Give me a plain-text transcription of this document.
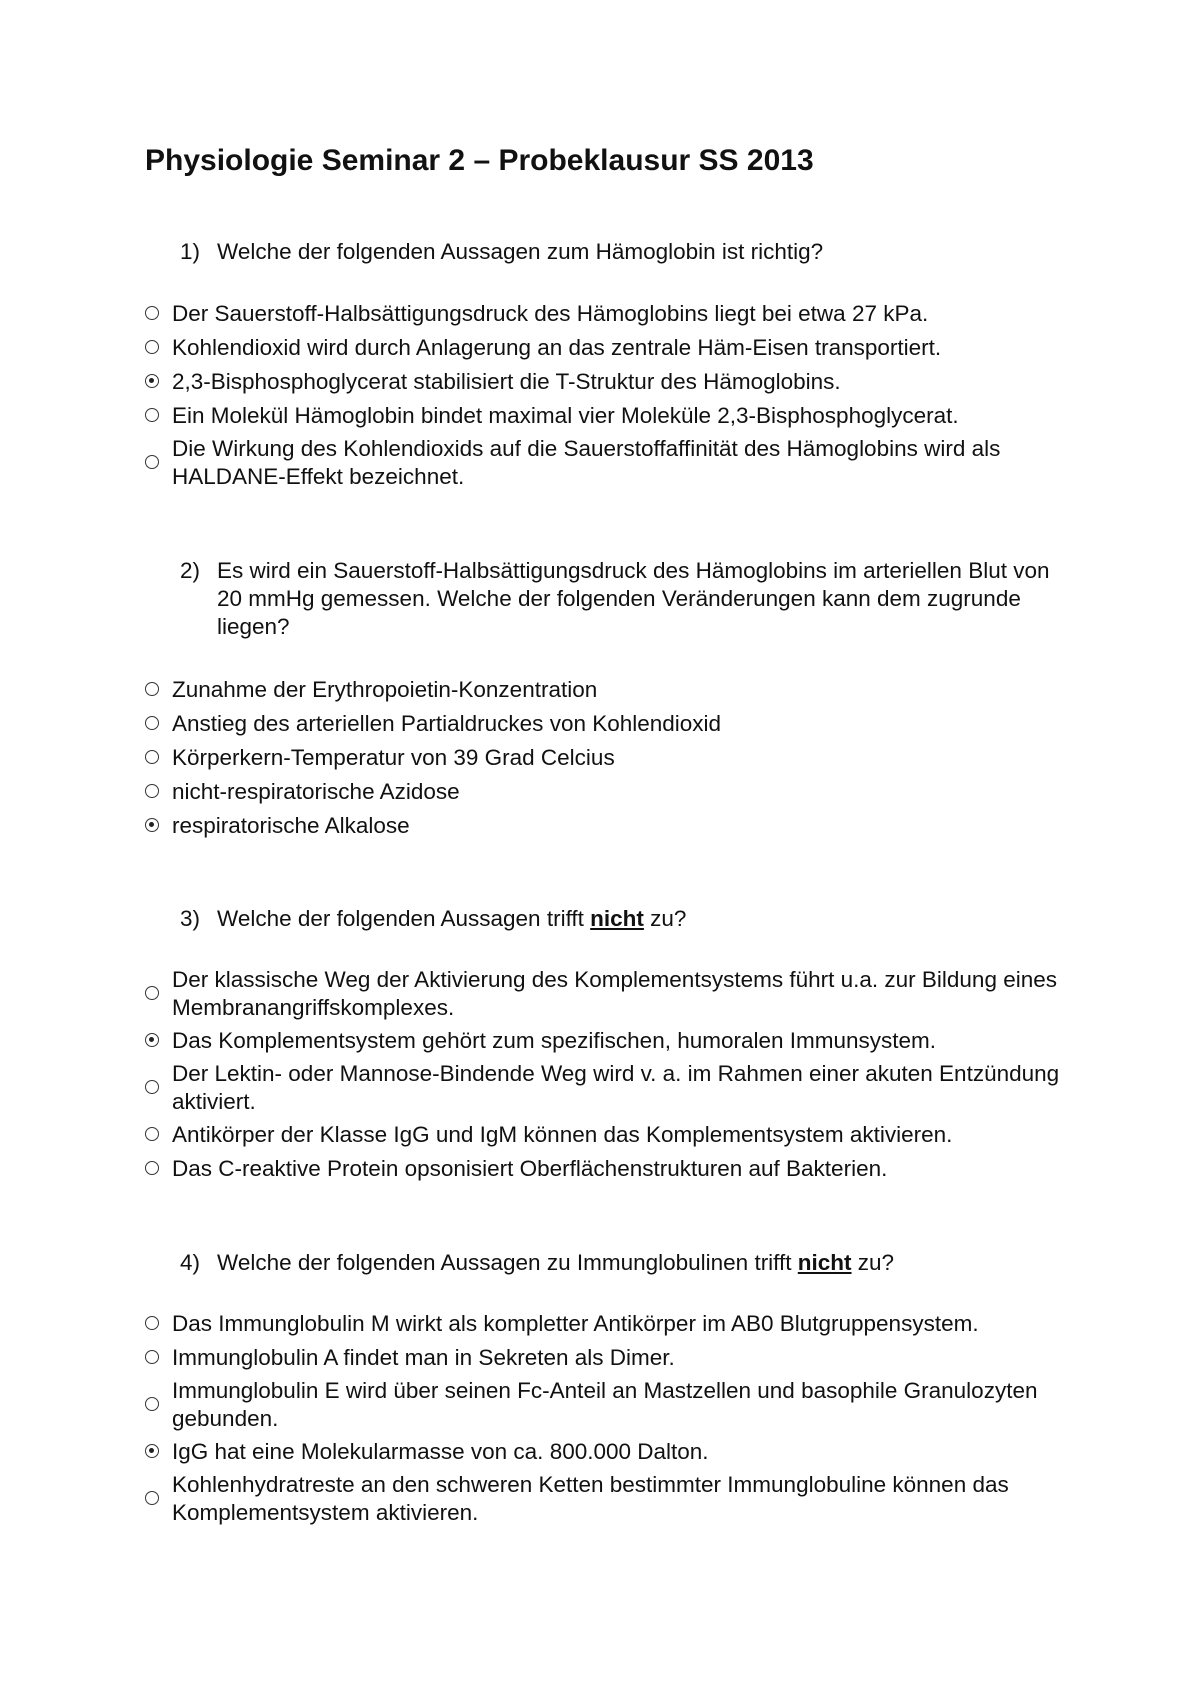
Physiologie Seminar 2 – Probeklausur SS 2013
1) Welche der folgenden Aussagen zum Hämoglobin ist richtig?
Der Sauerstoff-Halbsättigungsdruck des Hämoglobins liegt bei etwa 27 kPa.
Kohlendioxid wird durch Anlagerung an das zentrale Häm-Eisen transportiert.
2,3-Bisphosphoglycerat stabilisiert die T-Struktur des Hämoglobins.
Ein Molekül Hämoglobin bindet maximal vier Moleküle 2,3-Bisphosphoglycerat.
Die Wirkung des Kohlendioxids auf die Sauerstoffaffinität des Hämoglobins wird als HALDANE-Effekt bezeichnet.
2) Es wird ein Sauerstoff-Halbsättigungsdruck des Hämoglobins im arteriellen Blut von 20 mmHg gemessen. Welche der folgenden Veränderungen kann dem zugrunde liegen?
Zunahme der Erythropoietin-Konzentration
Anstieg des arteriellen Partialdruckes von Kohlendioxid
Körperkern-Temperatur von 39 Grad Celcius
nicht-respiratorische Azidose
respiratorische Alkalose
3) Welche der folgenden Aussagen trifft nicht zu?
Der klassische Weg der Aktivierung des Komplementsystems führt u.a. zur Bildung eines Membranangriffskomplexes.
Das Komplementsystem gehört zum spezifischen, humoralen Immunsystem.
Der Lektin- oder Mannose-Bindende Weg wird v. a. im Rahmen einer akuten Entzündung aktiviert.
Antikörper der Klasse IgG und IgM können das Komplementsystem aktivieren.
Das C-reaktive Protein opsonisiert Oberflächenstrukturen auf Bakterien.
4) Welche der folgenden Aussagen zu Immunglobulinen trifft nicht zu?
Das Immunglobulin M wirkt als kompletter Antikörper im AB0 Blutgruppensystem.
Immunglobulin A findet man in Sekreten als Dimer.
Immunglobulin E wird über seinen Fc-Anteil an Mastzellen und basophile Granulozyten gebunden.
IgG hat eine Molekularmasse von ca. 800.000 Dalton.
Kohlenhydratreste an den schweren Ketten bestimmter Immunglobuline können das Komplementsystem aktivieren.
